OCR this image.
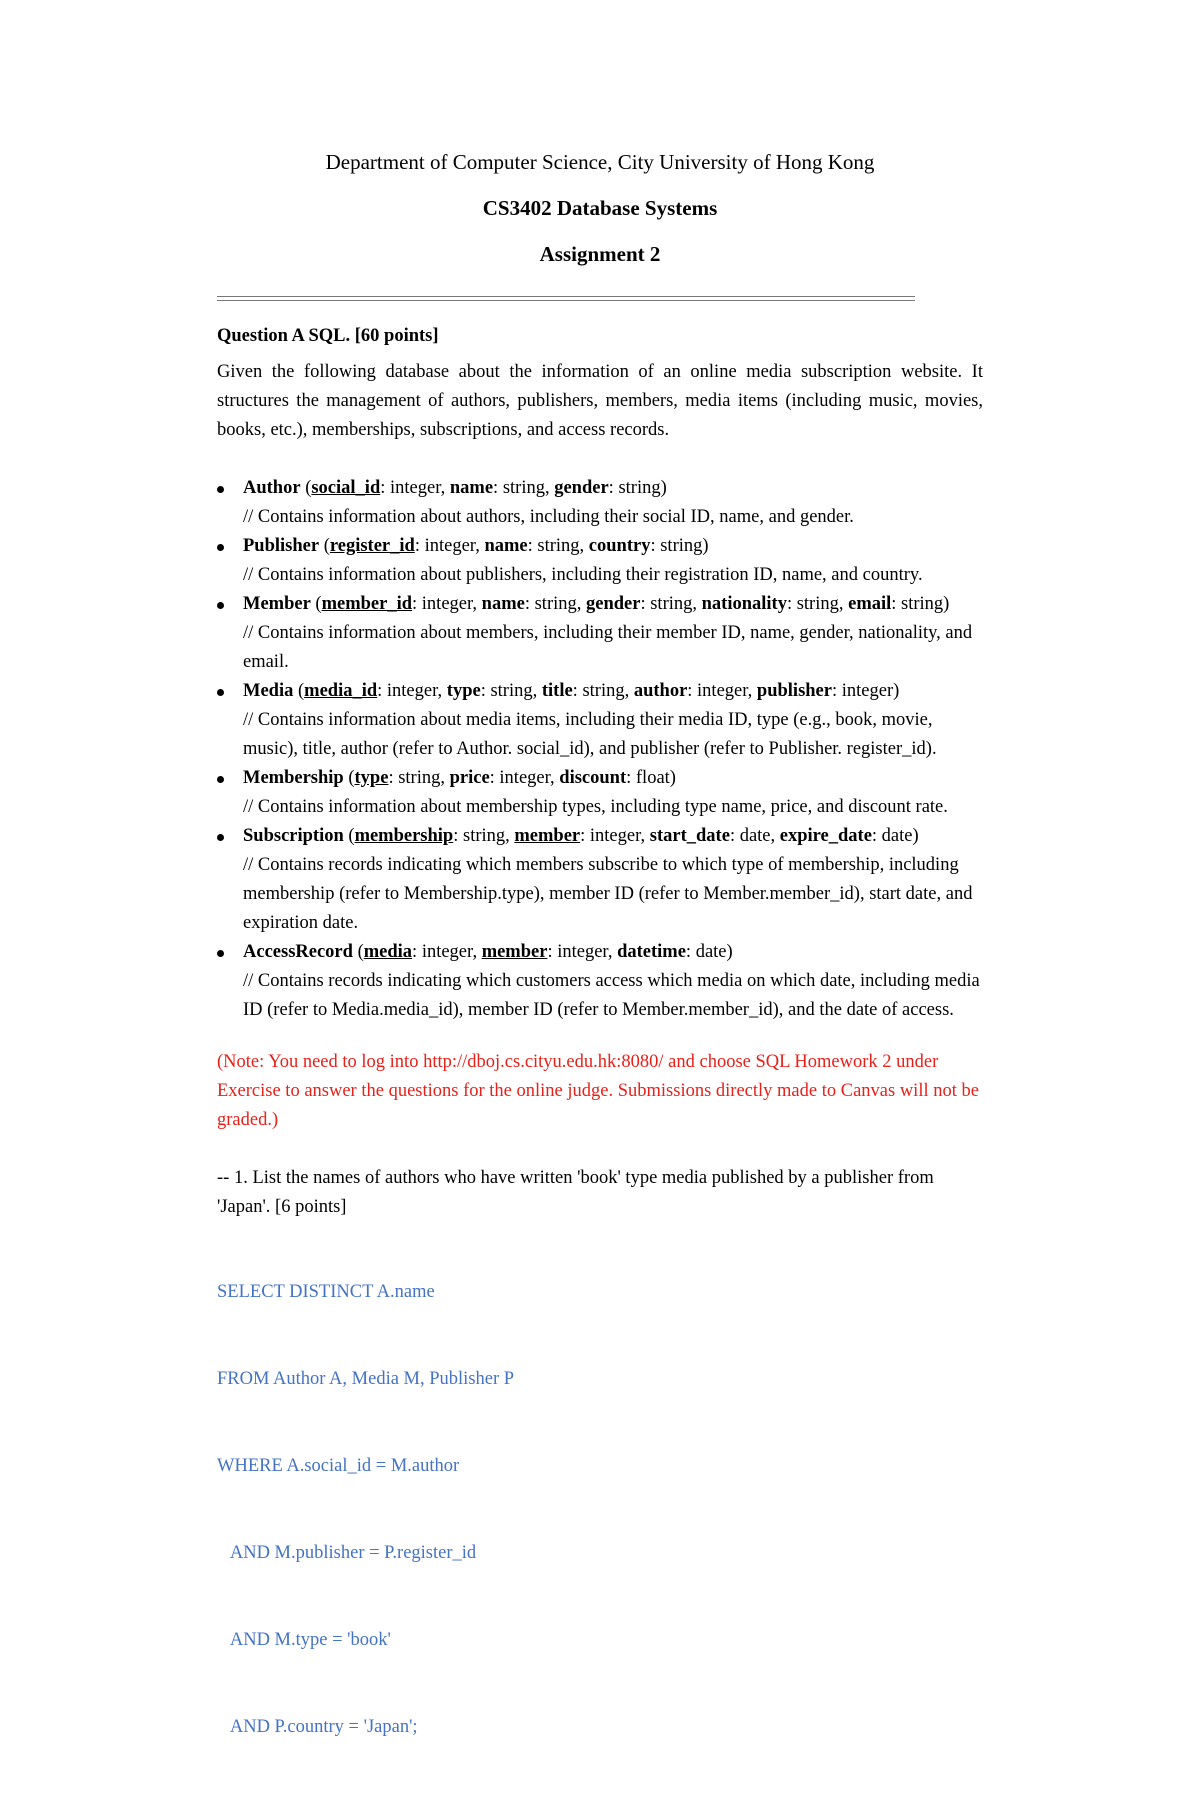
Department of Computer Science, City University of Hong Kong
CS3402 Database Systems
Assignment 2
Question A SQL. [60 points]
Given the following database about the information of an online media subscription website. It structures the management of authors, publishers, members, media items (including music, movies, books, etc.), memberships, subscriptions, and access records.
Author (social_id: integer, name: string, gender: string)
// Contains information about authors, including their social ID, name, and gender.
Publisher (register_id: integer, name: string, country: string)
// Contains information about publishers, including their registration ID, name, and country.
Member (member_id: integer, name: string, gender: string, nationality: string, email: string)
// Contains information about members, including their member ID, name, gender, nationality, and email.
Media (media_id: integer, type: string, title: string, author: integer, publisher: integer)
// Contains information about media items, including their media ID, type (e.g., book, movie, music), title, author (refer to Author. social_id), and publisher (refer to Publisher. register_id).
Membership (type: string, price: integer, discount: float)
// Contains information about membership types, including type name, price, and discount rate.
Subscription (membership: string, member: integer, start_date: date, expire_date: date)
// Contains records indicating which members subscribe to which type of membership, including membership (refer to Membership.type), member ID (refer to Member.member_id), start date, and expiration date.
AccessRecord (media: integer, member: integer, datetime: date)
// Contains records indicating which customers access which media on which date, including media ID (refer to Media.media_id), member ID (refer to Member.member_id), and the date of access.
(Note: You need to log into http://dboj.cs.cityu.edu.hk:8080/ and choose SQL Homework 2 under Exercise to answer the questions for the online judge. Submissions directly made to Canvas will not be graded.)
-- 1. List the names of authors who have written 'book' type media published by a publisher from 'Japan'. [6 points]

SELECT DISTINCT A.name

FROM Author A, Media M, Publisher P

WHERE A.social_id = M.author

AND M.publisher = P.register_id

AND M.type = 'book'

AND P.country = 'Japan';
